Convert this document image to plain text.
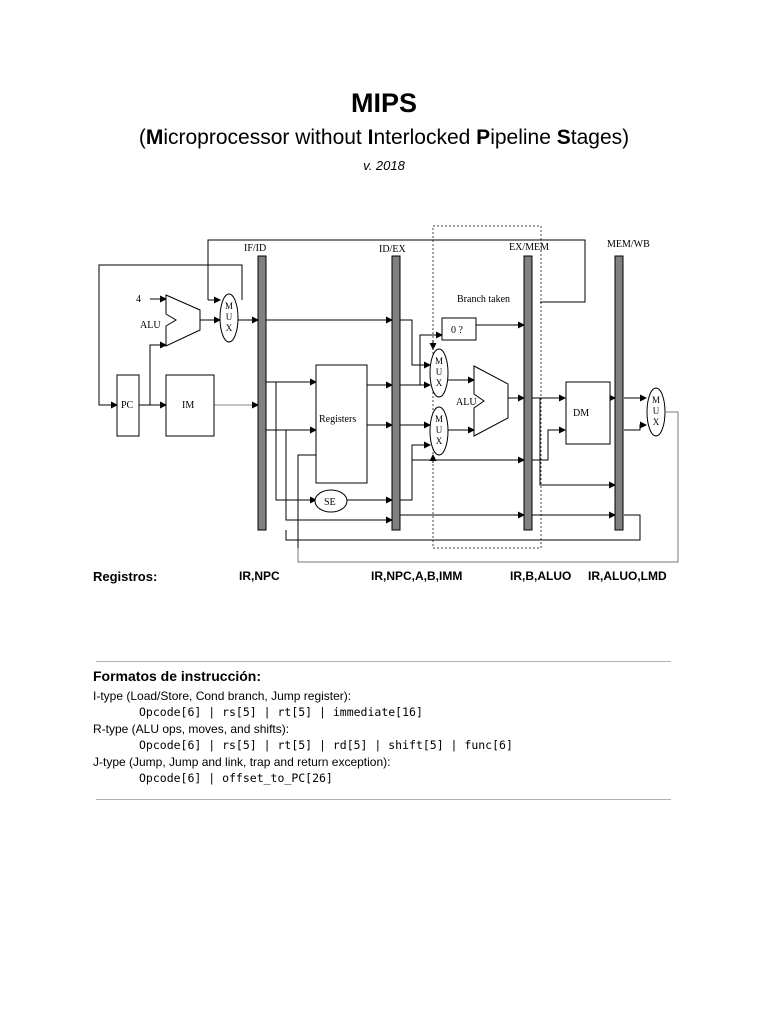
MIPS
(Microprocessor without Interlocked Pipeline Stages)
v. 2018
IF/ID	ID/EX	EX/MEM	MEM/WB
PC	IM
Registers
SE
ALU
ALU
DM
0 ?
4	Branch taken
M
U
X
M
U
X
M
U
X
M
U
X
Registros:	IR,NPC	IR,NPC,A,B,IMM	IR,B,ALUO IR,ALUO,LMD
Formatos de instrucción:
I-type (Load/Store, Cond branch, Jump register):
Opcode[6] | rs[5] | rt[5] | immediate[16]
R-type (ALU ops, moves, and shifts):
Opcode[6] | rs[5] | rt[5] | rd[5] | shift[5] | func[6]
J-type (Jump, Jump and link, trap and return exception):
Opcode[6] | offset_to_PC[26]
